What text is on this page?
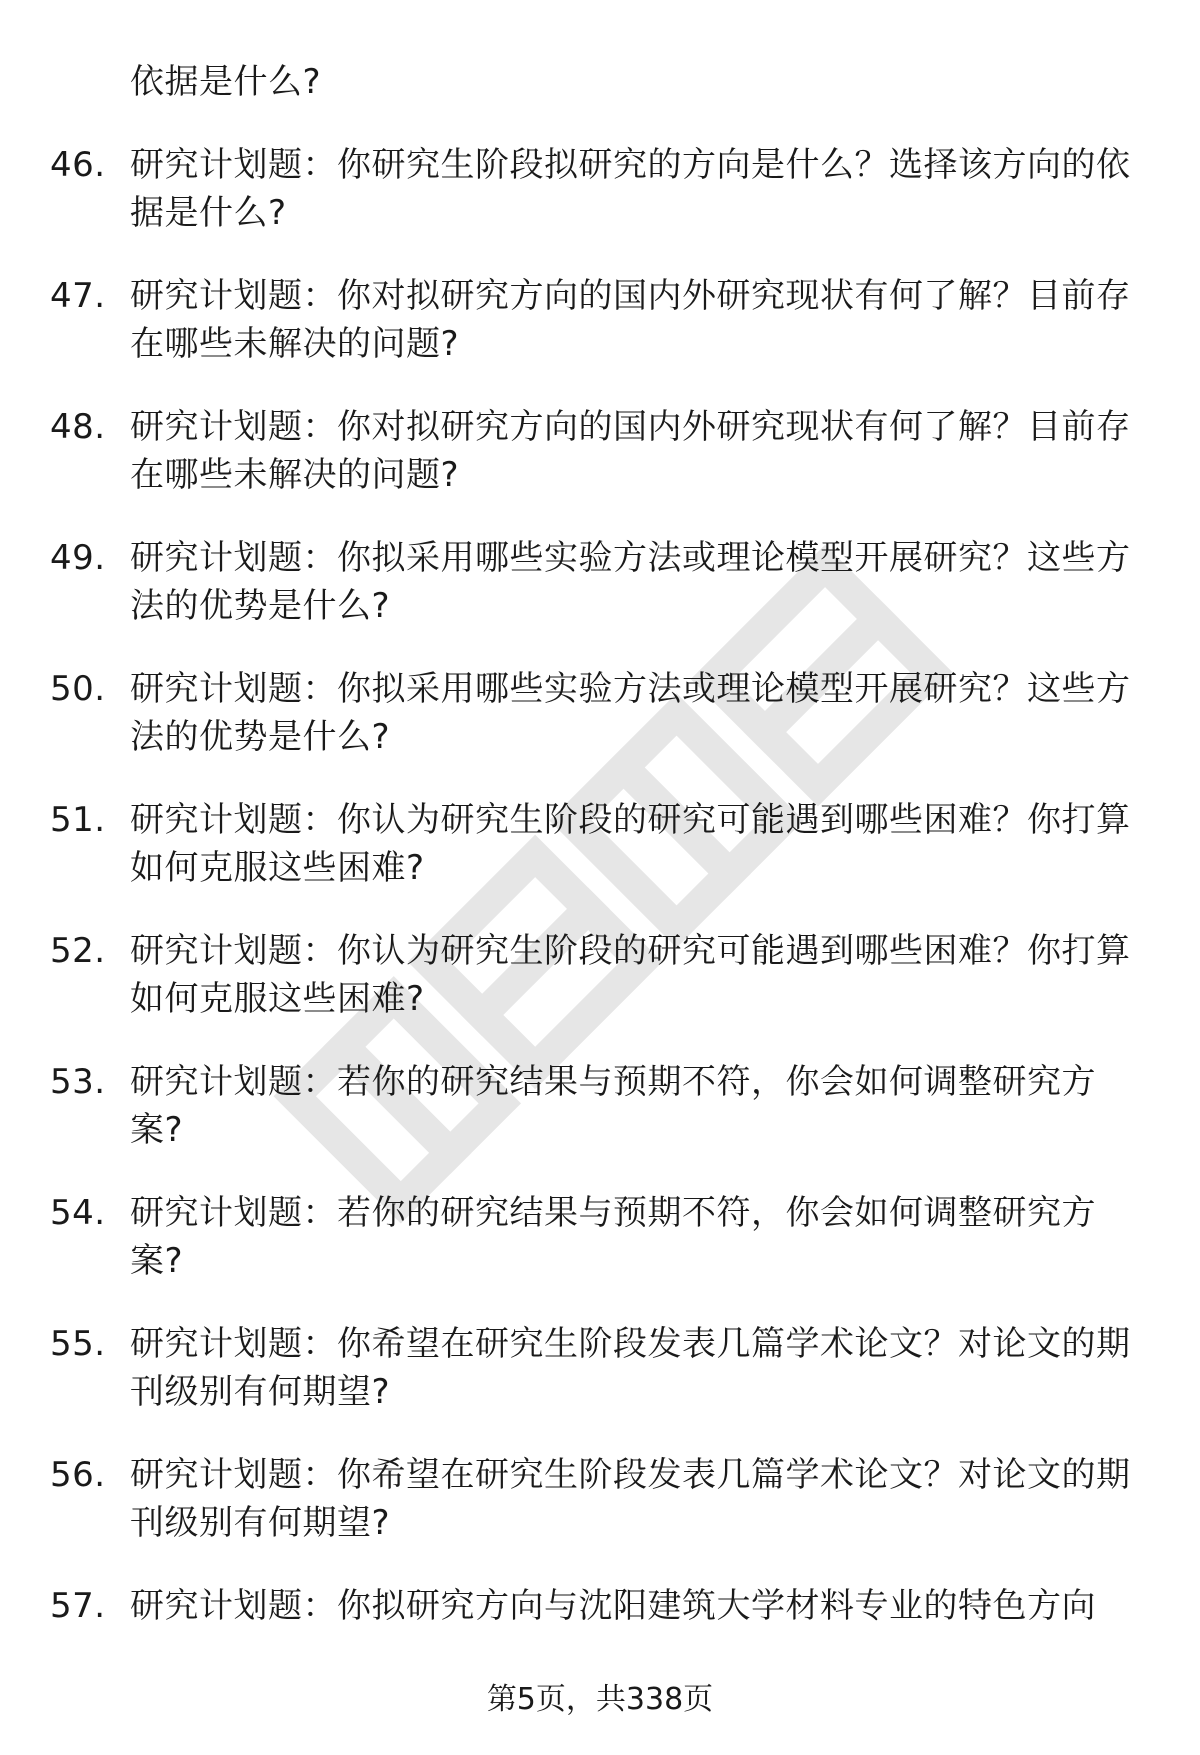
依据是什么?
46. 研究计划题：你研究生阶段拟研究的方向是什么？选择该方向的依据是什么?
47. 研究计划题：你对拟研究方向的国内外研究现状有何了解？目前存在哪些未解决的问题?
48. 研究计划题：你对拟研究方向的国内外研究现状有何了解？目前存在哪些未解决的问题?
49. 研究计划题：你拟采用哪些实验方法或理论模型开展研究？这些方法的优势是什么?
50. 研究计划题：你拟采用哪些实验方法或理论模型开展研究？这些方法的优势是什么?
51. 研究计划题：你认为研究生阶段的研究可能遇到哪些困难？你打算如何克服这些困难?
52. 研究计划题：你认为研究生阶段的研究可能遇到哪些困难？你打算如何克服这些困难?
53. 研究计划题：若你的研究结果与预期不符，你会如何调整研究方案?
54. 研究计划题：若你的研究结果与预期不符，你会如何调整研究方案?
55. 研究计划题：你希望在研究生阶段发表几篇学术论文？对论文的期刊级别有何期望?
56. 研究计划题：你希望在研究生阶段发表几篇学术论文？对论文的期刊级别有何期望?
57. 研究计划题：你拟研究方向与沈阳建筑大学材料专业的特色方向
第5页，共338页
